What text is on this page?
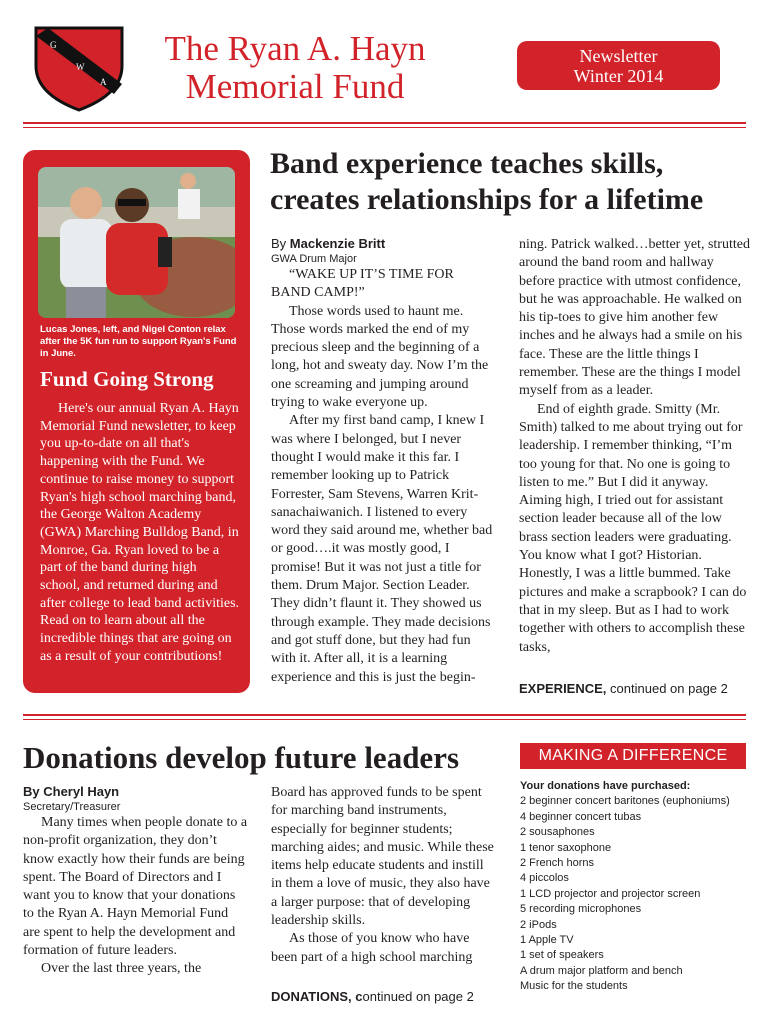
G
W
A
The Ryan A. Hayn
Memorial Fund
Newsletter
Winter 2014
Lucas Jones, left, and Nigel Conton relax after the 5K fun run to support Ryan's Fund in June.
Fund Going Strong
Here's our annual Ryan A. Hayn Memorial Fund newsletter, to keep you up-to-date on all that's happening with the Fund. We continue to raise money to support Ryan's high school marching band, the George Walton Academy (GWA) Marching Bulldog Band, in Monroe, Ga. Ryan loved to be a part of the band during high school, and returned during and after college to lead band activities. Read on to learn about all the incredible things that are going on as a result of your contributions!
Band experience teaches skills, creates relationships for a lifetime
By Mackenzie Britt
GWA Drum Major

“WAKE UP IT’S TIME FOR BAND CAMP!”

Those words used to haunt me. Those words marked the end of my precious sleep and the beginning of a long, hot and sweaty day. Now I’m the one screaming and jumping around trying to wake everyone up.

After my first band camp, I knew I was where I belonged, but I never thought I would make it this far. I remember looking up to Patrick Forrester, Sam Stevens, Warren Krit-sanachaiwanich. I listened to every word they said around me, whether bad or good….it was mostly good, I promise! But it was not just a title for them. Drum Major. Section Leader. They didn’t flaunt it. They showed us through example. They made decisions and got stuff done, but they had fun with it. After all, it is a learning experience and this is just the begin-

ning. Patrick walked…better yet, strutted around the band room and hallway before practice with utmost confidence, but he was approachable. He walked on his tip-toes to give him another few inches and he always had a smile on his face. These are the little things I remember. These are the things I model myself from as a leader.

End of eighth grade. Smitty (Mr. Smith) talked to me about trying out for leadership. I remember thinking, “I’m too young for that. No one is going to listen to me.” But I did it anyway. Aiming high, I tried out for assistant section leader because all of the low brass section leaders were graduating. You know what I got? Historian. Honestly, I was a little bummed. Take pictures and make a scrapbook? I can do that in my sleep. But as I had to work together with others to accomplish these tasks,

EXPERIENCE, continued on page 2
Donations develop future leaders
By Cheryl Hayn
Secretary/Treasurer

Many times when people donate to a non-profit organization, they don’t know exactly how their funds are being spent. The Board of Directors and I want you to know that your donations to the Ryan A. Hayn Memorial Fund are spent to help the development and formation of future leaders.

Over the last three years, the

Board has approved funds to be spent for marching band instruments, especially for beginner students; marching aides; and music. While these items help educate students and instill in them a love of music, they also have a larger purpose: that of developing leadership skills.

As those of you know who have been part of a high school marching

DONATIONS, continued on page 2
MAKING A DIFFERENCE
Your donations have purchased:
2 beginner concert baritones (euphoniums)
4 beginner concert tubas
2 sousaphones
1 tenor saxophone
2 French horns
4 piccolos
1 LCD projector and projector screen
5 recording microphones
2 iPods
1 Apple TV
1 set of speakers
A drum major platform and bench
Music for the students
